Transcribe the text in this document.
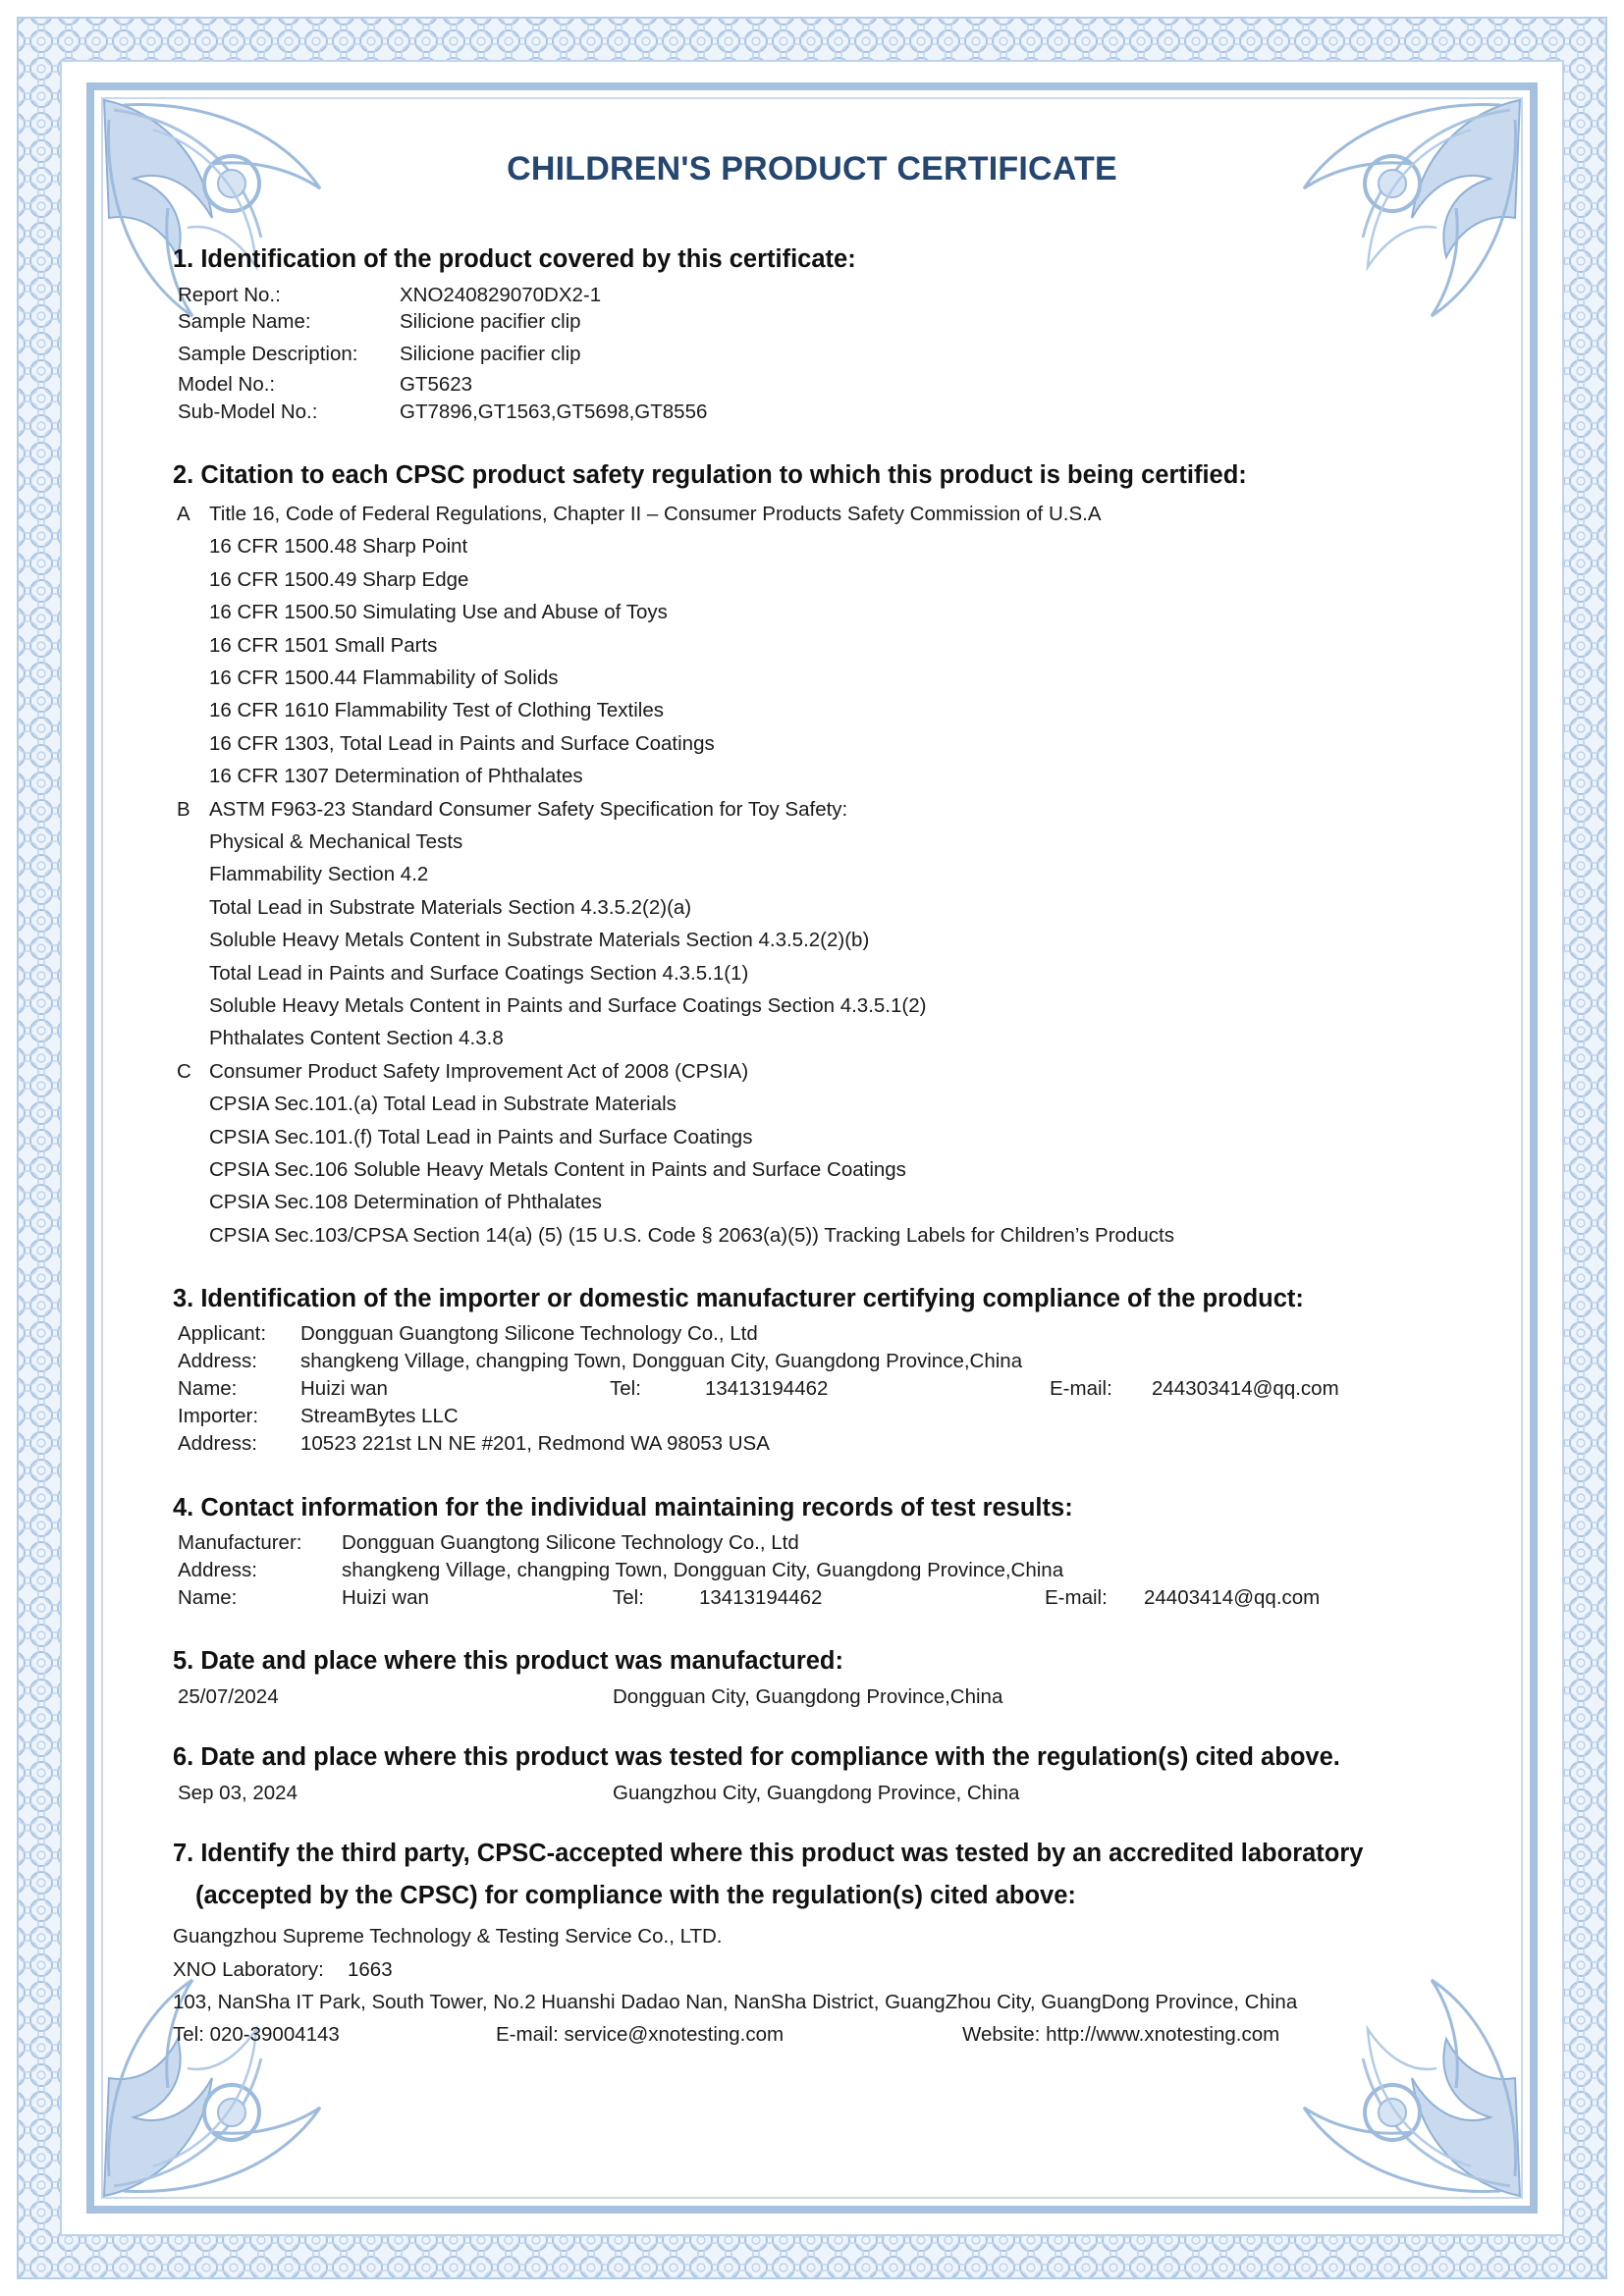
CHILDREN'S PRODUCT CERTIFICATE
1. Identification of the product covered by this certificate:
Report No.:	XNO240829070DX2-1
Sample Name:	Silicione pacifier clip
Sample Description: Silicione pacifier clip
Model No.:	GT5623
Sub-Model No.:	GT7896,GT1563,GT5698,GT8556
2. Citation to each CPSC product safety regulation to which this product is being certified:
A Title 16, Code of Federal Regulations, Chapter II – Consumer Products Safety Commission of U.S.A
16 CFR 1500.48 Sharp Point
16 CFR 1500.49 Sharp Edge
16 CFR 1500.50 Simulating Use and Abuse of Toys
16 CFR 1501 Small Parts
16 CFR 1500.44 Flammability of Solids
16 CFR 1610 Flammability Test of Clothing Textiles
16 CFR 1303, Total Lead in Paints and Surface Coatings
16 CFR 1307 Determination of Phthalates
B ASTM F963-23 Standard Consumer Safety Specification for Toy Safety:
Physical & Mechanical Tests
Flammability Section 4.2
Total Lead in Substrate Materials Section 4.3.5.2(2)(a)
Soluble Heavy Metals Content in Substrate Materials Section 4.3.5.2(2)(b)
Total Lead in Paints and Surface Coatings Section 4.3.5.1(1)
Soluble Heavy Metals Content in Paints and Surface Coatings Section 4.3.5.1(2)
Phthalates Content Section 4.3.8
C Consumer Product Safety Improvement Act of 2008 (CPSIA)
CPSIA Sec.101.(a) Total Lead in Substrate Materials
CPSIA Sec.101.(f) Total Lead in Paints and Surface Coatings
CPSIA Sec.106 Soluble Heavy Metals Content in Paints and Surface Coatings
CPSIA Sec.108 Determination of Phthalates
CPSIA Sec.103/CPSA Section 14(a) (5) (15 U.S. Code § 2063(a)(5)) Tracking Labels for Children’s Products
3. Identification of the importer or domestic manufacturer certifying compliance of the product:
Applicant: Dongguan Guangtong Silicone Technology Co., Ltd
Address: shangkeng Village, changping Town, Dongguan City, Guangdong Province,China
Name:	Huizi wan	Tel:	13413194462	E-mail: 244303414@qq.com
Importer: StreamBytes LLC
Address: 10523 221st LN NE #201, Redmond WA 98053 USA
4. Contact information for the individual maintaining records of test results:
Manufacturer: Dongguan Guangtong Silicone Technology Co., Ltd
Address:	shangkeng Village, changping Town, Dongguan City, Guangdong Province,China
Name:	Huizi wan	Tel:	13413194462	E-mail: 24403414@qq.com
5. Date and place where this product was manufactured:
25/07/2024	Dongguan City, Guangdong Province,China
6. Date and place where this product was tested for compliance with the regulation(s) cited above.
Sep 03, 2024	Guangzhou City, Guangdong Province, China
7. Identify the third party, CPSC-accepted where this product was tested by an accredited laboratory
(accepted by the CPSC) for compliance with the regulation(s) cited above:
Guangzhou Supreme Technology & Testing Service Co., LTD.
XNO Laboratory: 1663
103, NanSha IT Park, South Tower, No.2 Huanshi Dadao Nan, NanSha District, GuangZhou City, GuangDong Province, China
Tel: 020-39004143	E-mail: service@xnotesting.com	Website: http://www.xnotesting.com
